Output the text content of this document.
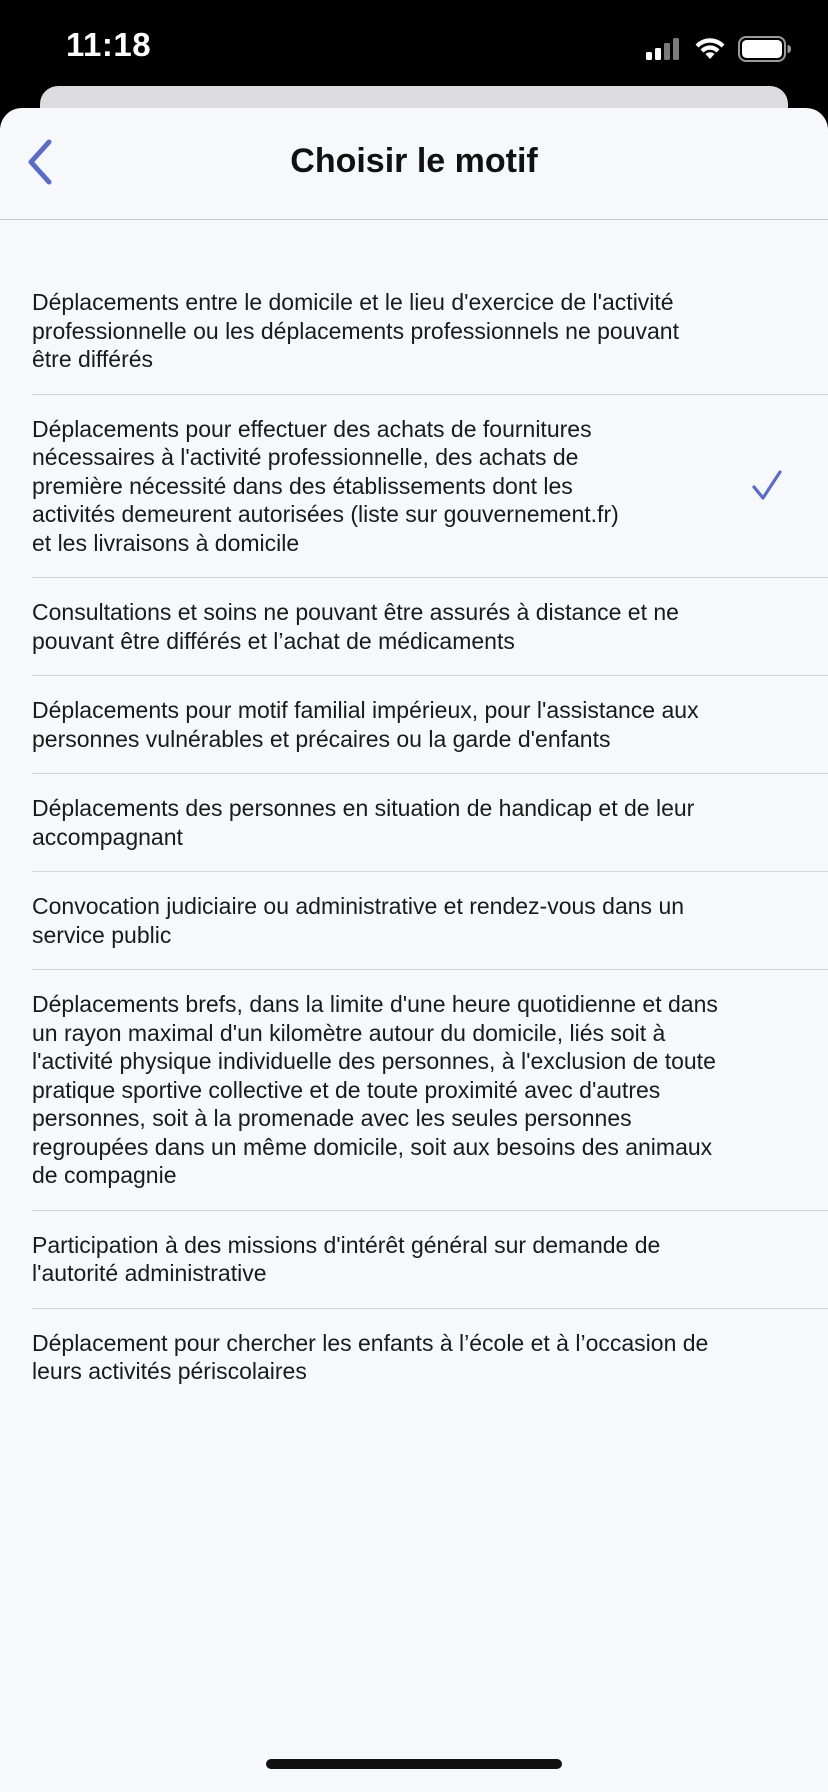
11:18
Choisir le motif
Déplacements entre le domicile et le lieu d'exercice de l'activité
professionnelle ou les déplacements professionnels ne pouvant
être différés
Déplacements pour effectuer des achats de fournitures
nécessaires à l'activité professionnelle, des achats de
première nécessité dans des établissements dont les
activités demeurent autorisées (liste sur gouvernement.fr)
et les livraisons à domicile
Consultations et soins ne pouvant être assurés à distance et ne
pouvant être différés et l’achat de médicaments
Déplacements pour motif familial impérieux, pour l'assistance aux
personnes vulnérables et précaires ou la garde d'enfants
Déplacements des personnes en situation de handicap et de leur
accompagnant
Convocation judiciaire ou administrative et rendez-vous dans un
service public
Déplacements brefs, dans la limite d'une heure quotidienne et dans
un rayon maximal d'un kilomètre autour du domicile, liés soit à
l'activité physique individuelle des personnes, à l'exclusion de toute
pratique sportive collective et de toute proximité avec d'autres
personnes, soit à la promenade avec les seules personnes
regroupées dans un même domicile, soit aux besoins des animaux
de compagnie
Participation à des missions d'intérêt général sur demande de
l'autorité administrative
Déplacement pour chercher les enfants à l’école et à l’occasion de
leurs activités périscolaires
